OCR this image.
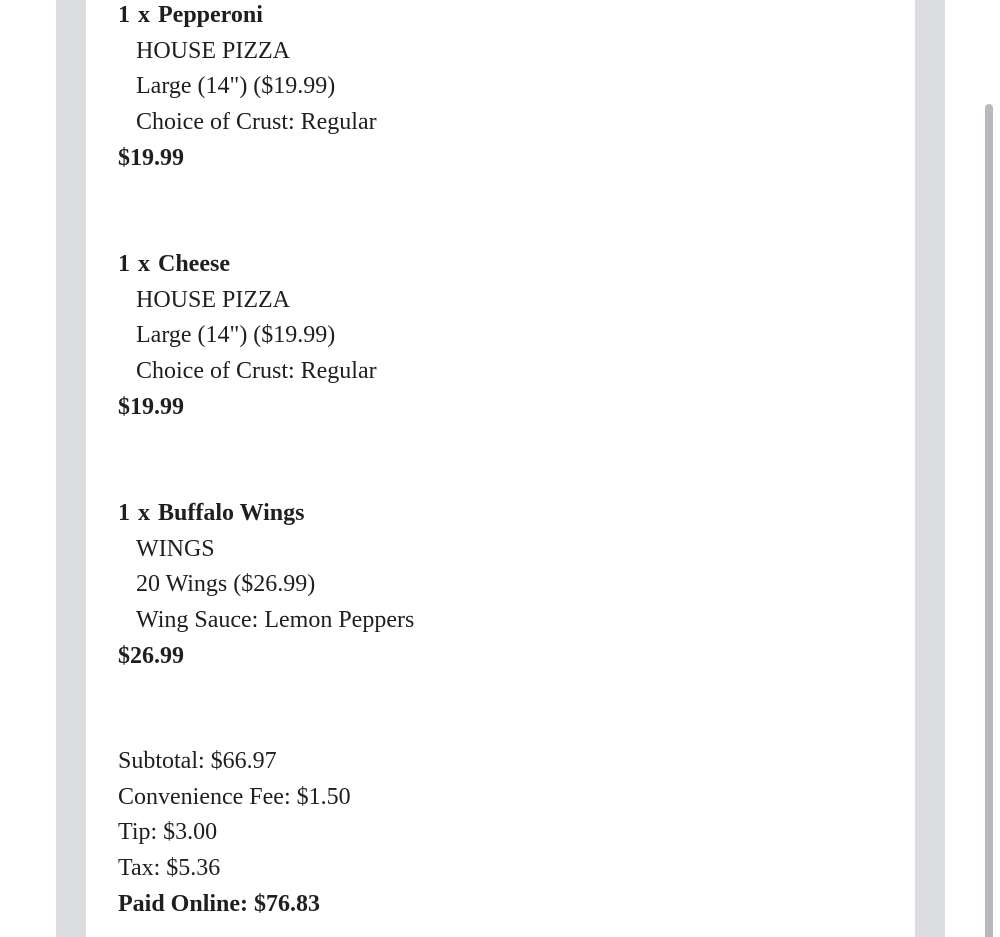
1 x Pepperoni
HOUSE PIZZA
Large (14") ($19.99)
Choice of Crust: Regular
$19.99
1 x Cheese
HOUSE PIZZA
Large (14") ($19.99)
Choice of Crust: Regular
$19.99
1 x Buffalo Wings
WINGS
20 Wings ($26.99)
Wing Sauce: Lemon Peppers
$26.99
Subtotal: $66.97
Convenience Fee: $1.50
Tip: $3.00
Tax: $5.36
Paid Online: $76.83
